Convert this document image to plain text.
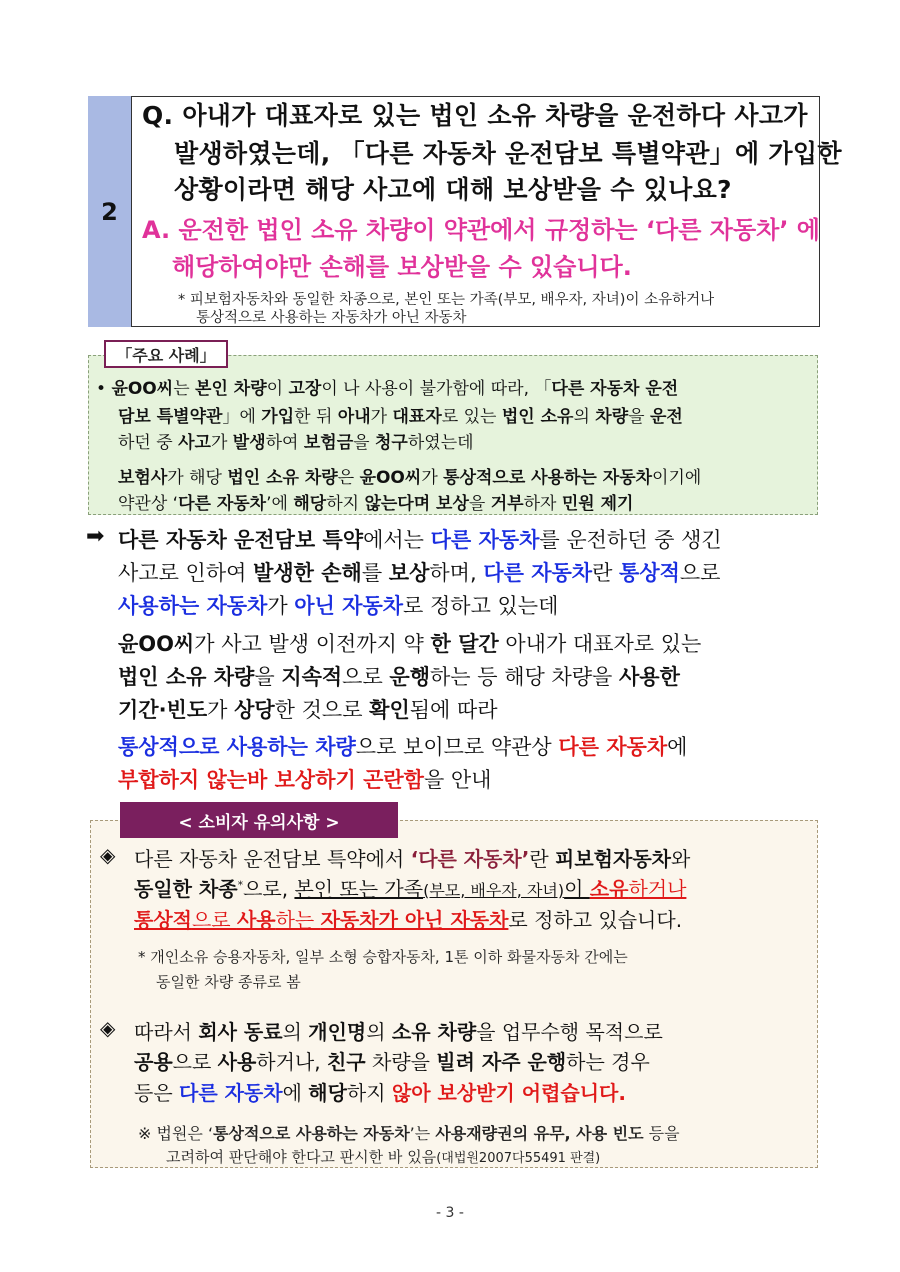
2
Q. 아내가 대표자로 있는 법인 소유 차량을 운전하다 사고가
발생하였는데, 「다른 자동차 운전담보 특별약관」에 가입한
상황이라면 해당 사고에 대해 보상받을 수 있나요?
A. 운전한 법인 소유 차량이 약관에서 규정하는 ‘다른 자동차’ 에
해당하여야만 손해를 보상받을 수 있습니다.
* 피보험자동차와 동일한 차종으로, 본인 또는 가족(부모, 배우자, 자녀)이 소유하거나
통상적으로 사용하는 자동차가 아닌 자동차
「주요 사례」
• 윤OO씨는 본인 차량이 고장이 나 사용이 불가함에 따라, 「다른 자동차 운전
담보 특별약관」에 가입한 뒤 아내가 대표자로 있는 법인 소유의 차량을 운전
하던 중 사고가 발생하여 보험금을 청구하였는데
보험사가 해당 법인 소유 차량은 윤OO씨가 통상적으로 사용하는 자동차이기에
약관상 ‘다른 자동차’에 해당하지 않는다며 보상을 거부하자 민원 제기
➡ 다른 자동차 운전담보 특약에서는 다른 자동차를 운전하던 중 생긴
사고로 인하여 발생한 손해를 보상하며, 다른 자동차란 통상적으로
사용하는 자동차가 아닌 자동차로 정하고 있는데
윤OO씨가 사고 발생 이전까지 약 한 달간 아내가 대표자로 있는
법인 소유 차량을 지속적으로 운행하는 등 해당 차량을 사용한
기간·빈도가 상당한 것으로 확인됨에 따라
통상적으로 사용하는 차량으로 보이므로 약관상 다른 자동차에
부합하지 않는바 보상하기 곤란함을 안내
< 소비자 유의사항 >
◈ 다른 자동차 운전담보 특약에서 ‘다른 자동차’란 피보험자동차와
동일한 차종*으로, 본인 또는 가족(부모, 배우자, 자녀)이 소유하거나
통상적으로 사용하는 자동차가 아닌 자동차로 정하고 있습니다.
* 개인소유 승용자동차, 일부 소형 승합자동차, 1톤 이하 화물자동차 간에는
동일한 차량 종류로 봄
◈ 따라서 회사 동료의 개인명의 소유 차량을 업무수행 목적으로
공용으로 사용하거나, 친구 차량을 빌려 자주 운행하는 경우
등은 다른 자동차에 해당하지 않아 보상받기 어렵습니다.
※ 법원은 ‘통상적으로 사용하는 자동차’는 사용재량권의 유무, 사용 빈도 등을
고려하여 판단해야 한다고 판시한 바 있음(대법원2007다55491 판결)
- 3 -
